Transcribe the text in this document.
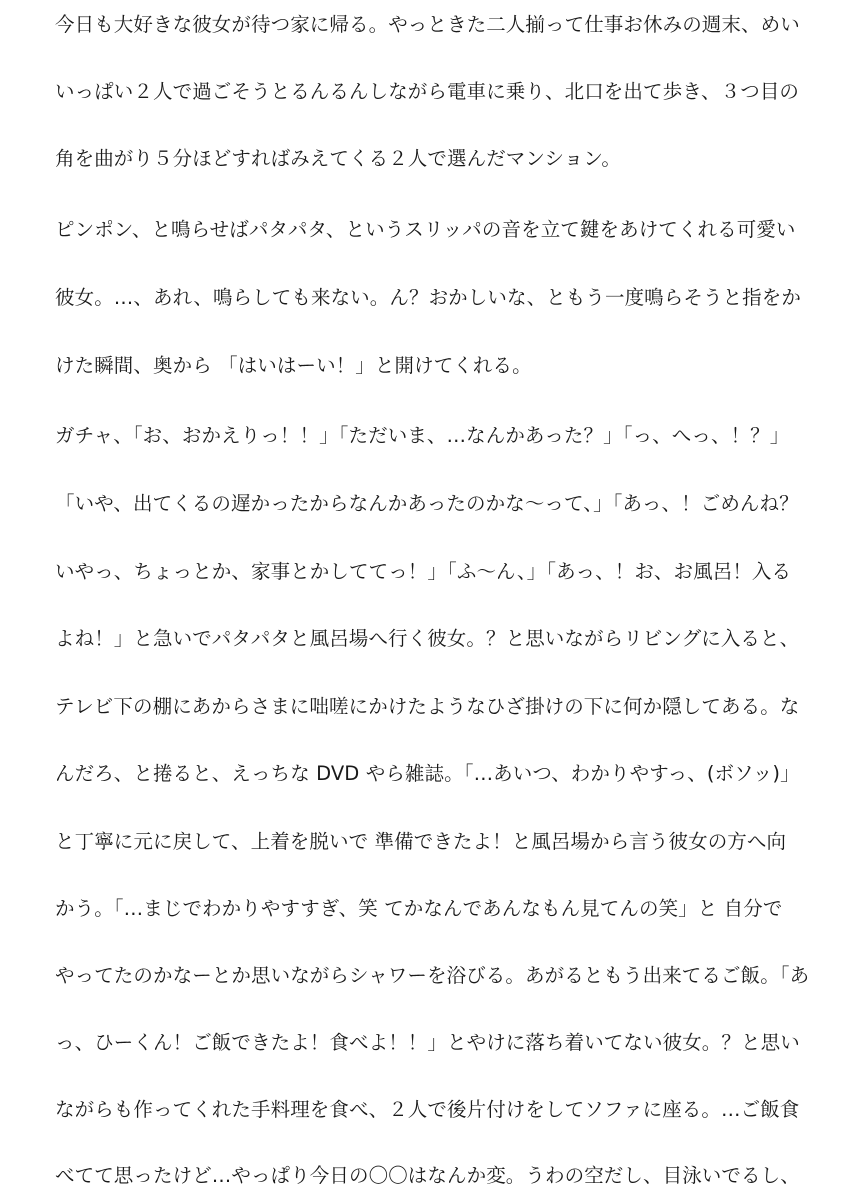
今日も大好きな彼女が待つ家に帰る。やっときた二人揃って仕事お休みの週末、めい
いっぱい２人で過ごそうとるんるんしながら電車に乗り、北口を出て歩き、３つ目の
角を曲がり５分ほどすればみえてくる２人で選んだマンション。
ピンポン、と鳴らせばパタパタ、というスリッパの音を立て鍵をあけてくれる可愛い
彼女。…、あれ、鳴らしても来ない。ん？おかしいな、ともう一度鳴らそうと指をか
けた瞬間、奥から 「はいはーい！」と開けてくれる。
ガチャ、「お、おかえりっ！！」「ただいま、…なんかあった？」「っ、へっ、！？」
「いや、出てくるの遅かったからなんかあったのかな〜って、」「あっ、！ごめんね？
いやっ、ちょっとか、家事とかしててっ！」「ふ〜ん、」「あっ、！お、お風呂！入る
よね！」と急いでパタパタと風呂場へ行く彼女。？と思いながらリビングに入ると、
テレビ下の棚にあからさまに咄嗟にかけたようなひざ掛けの下に何か隠してある。な
んだろ、と捲ると、えっちな DVD やら雑誌。「…あいつ、わかりやすっ、(ボソッ)」
と丁寧に元に戻して、上着を脱いで 準備できたよ！と風呂場から言う彼女の方へ向
かう。「…まじでわかりやすすぎ、笑 てかなんであんなもん見てんの笑」と 自分で
やってたのかなーとか思いながらシャワーを浴びる。あがるともう出来てるご飯。「あ
っ、ひーくん！ご飯できたよ！食べよ！！」とやけに落ち着いてない彼女。？と思い
ながらも作ってくれた手料理を食べ、２人で後片付けをしてソファに座る。…ご飯食
べてて思ったけど…やっぱり今日の〇〇はなんか変。うわの空だし、目泳いでるし、
